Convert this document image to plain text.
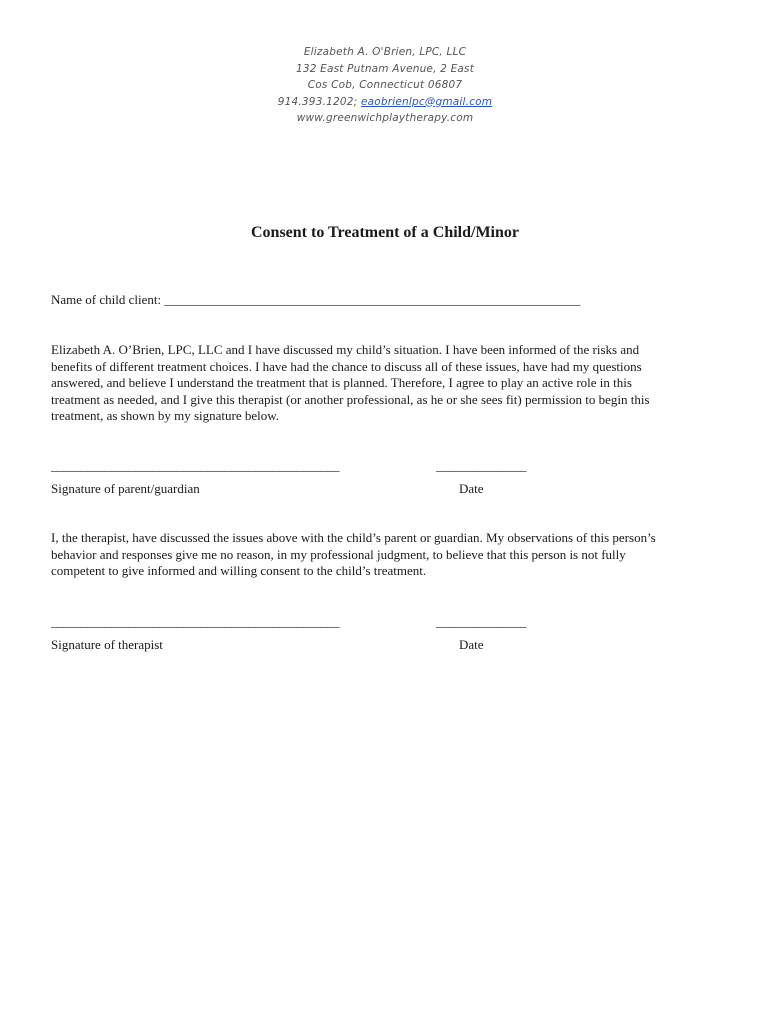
Elizabeth A. O'Brien, LPC, LLC
132 East Putnam Avenue, 2 East
Cos Cob, Connecticut 06807
914.393.1202; eaobrienlpc@gmail.com
www.greenwichplaytherapy.com
Consent to Treatment of a Child/Minor
Name of child client: ________________________________________________________________
Elizabeth A. O’Brien, LPC, LLC and I have discussed my child’s situation. I have been informed of the risks and
benefits of different treatment choices. I have had the chance to discuss all of these issues, have had my questions
answered, and believe I understand the treatment that is planned. Therefore, I agree to play an active role in this
treatment as needed, and I give this therapist (or another professional, as he or she sees fit) permission to begin this
treatment, as shown by my signature below.
________________________________________________	_______________
Signature of parent/guardian	Date
I, the therapist, have discussed the issues above with the child’s parent or guardian. My observations of this person’s
behavior and responses give me no reason, in my professional judgment, to believe that this person is not fully
competent to give informed and willing consent to the child’s treatment.
________________________________________________	_______________
Signature of therapist	Date
